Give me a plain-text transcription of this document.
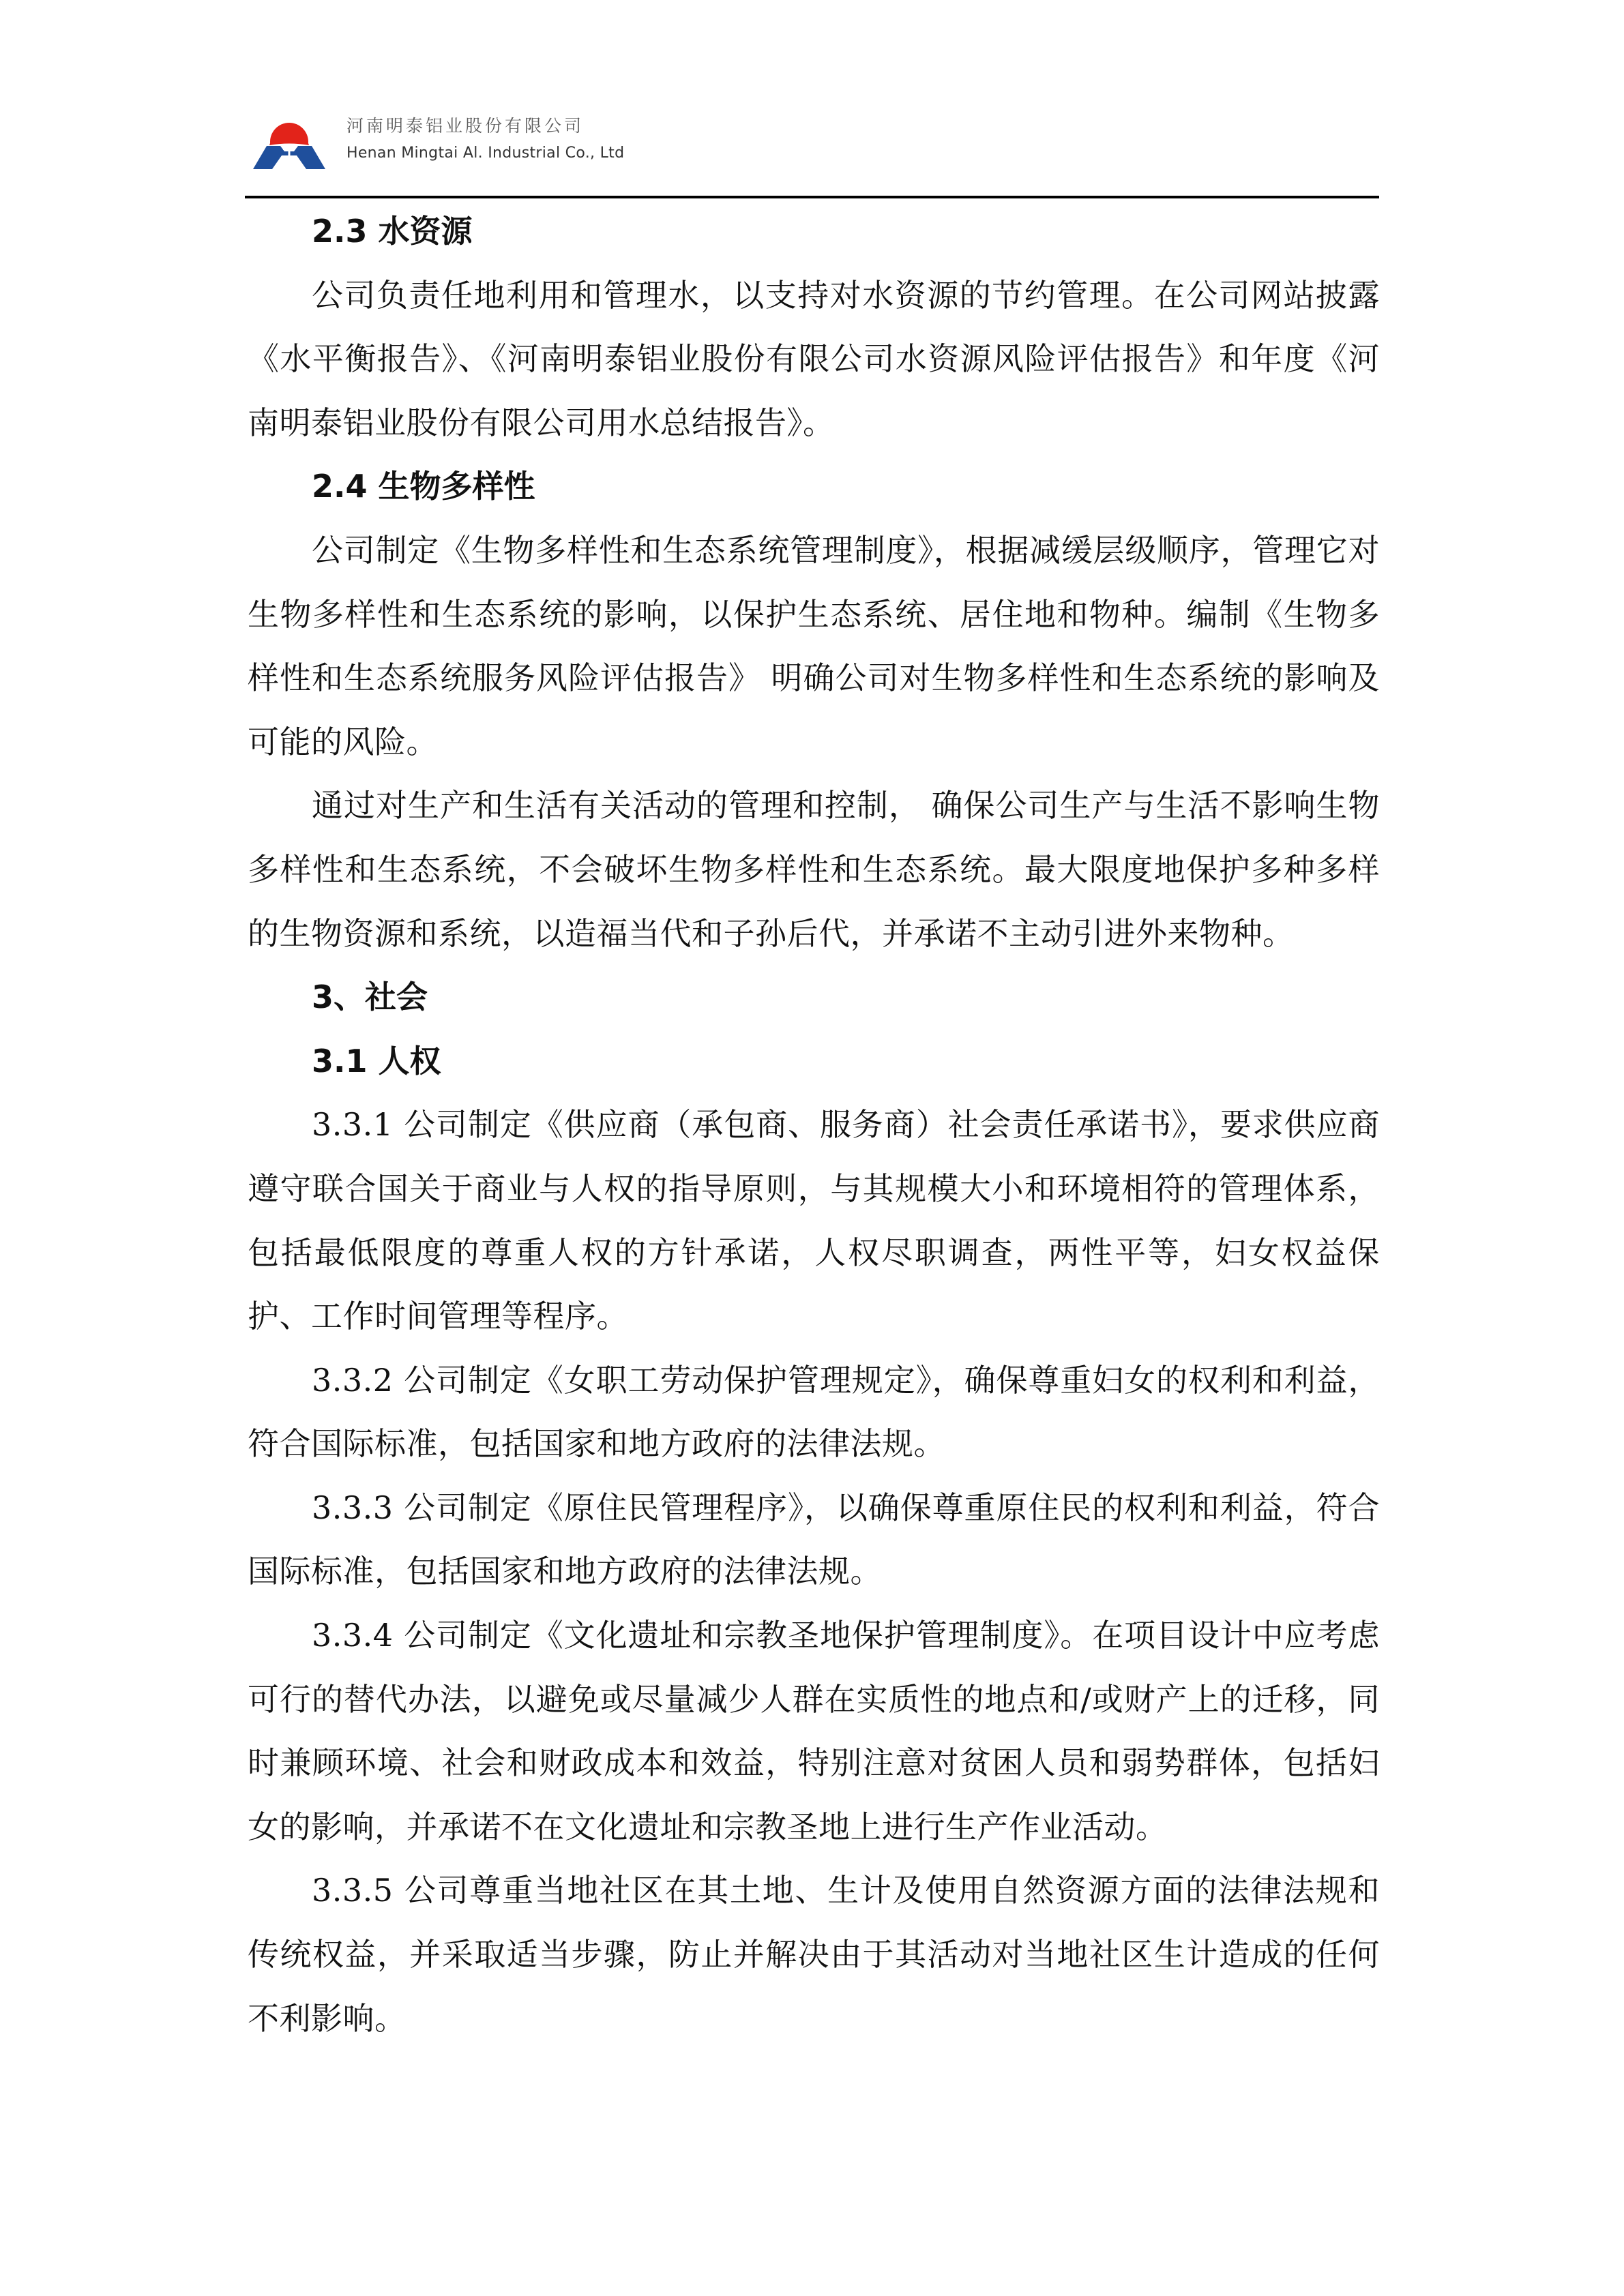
河南明泰铝业股份有限公司
Henan Mingtai Al. Industrial Co., Ltd
2.3 水资源

公司负责任地利用和管理水，以支持对水资源的节约管理。在公司网站披露《水平衡报告》、《河南明泰铝业股份有限公司水资源风险评估报告》和年度《河南明泰铝业股份有限公司用水总结报告》。

2.4 生物多样性

公司制定《生物多样性和生态系统管理制度》，根据减缓层级顺序，管理它对生物多样性和生态系统的影响，以保护生态系统、居住地和物种。编制《生物多样性和生态系统服务风险评估报告》 明确公司对生物多样性和生态系统的影响及可能的风险。

通过对生产和生活有关活动的管理和控制， 确保公司生产与生活不影响生物多样性和生态系统，不会破坏生物多样性和生态系统。最大限度地保护多种多样的生物资源和系统，以造福当代和子孙后代，并承诺不主动引进外来物种。

3、社会
3.1 人权

3.3.1 公司制定《供应商（承包商、服务商）社会责任承诺书》，要求供应商遵守联合国关于商业与人权的指导原则，与其规模大小和环境相符的管理体系，包括最低限度的尊重人权的方针承诺，人权尽职调查，两性平等，妇女权益保护、工作时间管理等程序。

3.3.2 公司制定《女职工劳动保护管理规定》，确保尊重妇女的权利和利益，符合国际标准，包括国家和地方政府的法律法规。

3.3.3 公司制定《原住民管理程序》，以确保尊重原住民的权利和利益，符合国际标准，包括国家和地方政府的法律法规。

3.3.4 公司制定《文化遗址和宗教圣地保护管理制度》。在项目设计中应考虑可行的替代办法，以避免或尽量减少人群在实质性的地点和/或财产上的迁移，同时兼顾环境、社会和财政成本和效益，特别注意对贫困人员和弱势群体，包括妇女的影响，并承诺不在文化遗址和宗教圣地上进行生产作业活动。

3.3.5 公司尊重当地社区在其土地、生计及使用自然资源方面的法律法规和传统权益，并采取适当步骤，防止并解决由于其活动对当地社区生计造成的任何不利影响。
